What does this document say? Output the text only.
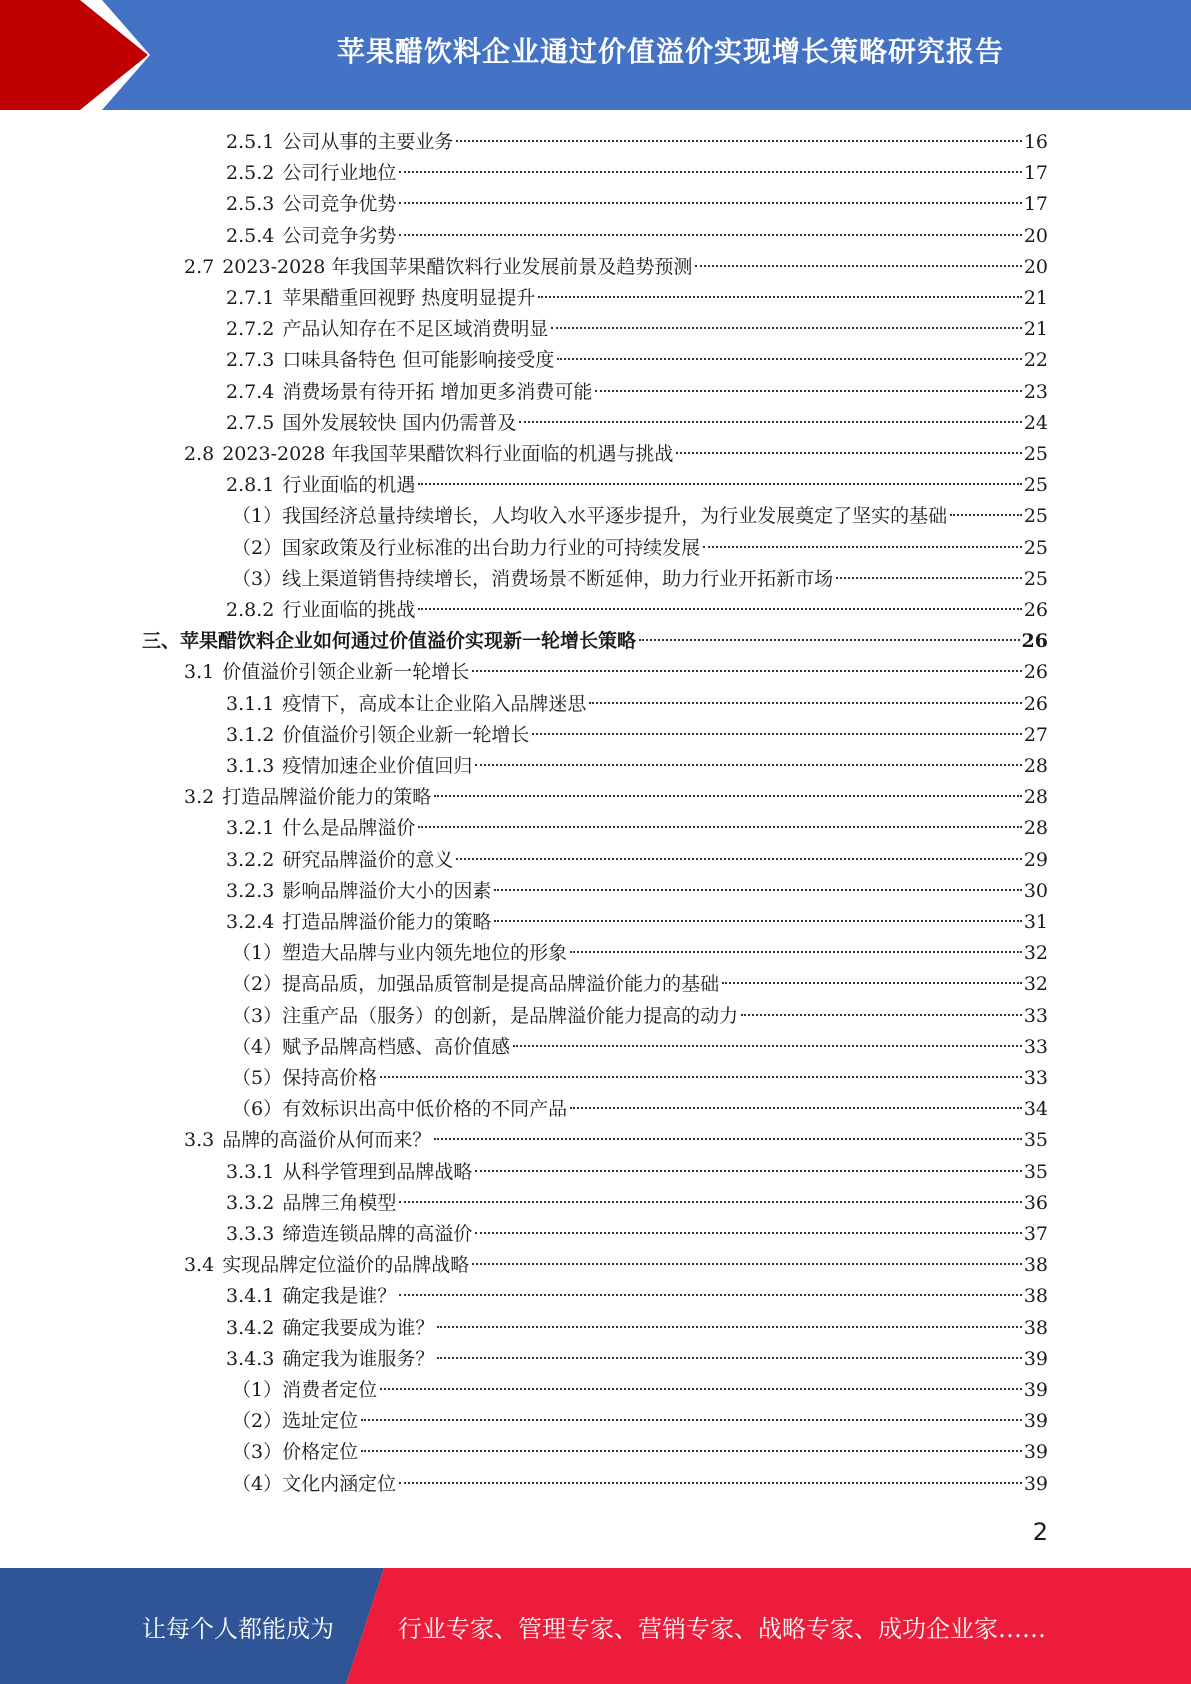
苹果醋饮料企业通过价值溢价实现增长策略研究报告
2.5.1 公司从事的主要业务	16
2.5.2 公司行业地位	17
2.5.3 公司竞争优势	17
2.5.4 公司竞争劣势	20
2.7 2023-2028 年我国苹果醋饮料行业发展前景及趋势预测	20
2.7.1 苹果醋重回视野 热度明显提升	21
2.7.2 产品认知存在不足区域消费明显	21
2.7.3 口味具备特色 但可能影响接受度	22
2.7.4 消费场景有待开拓 增加更多消费可能	23
2.7.5 国外发展较快 国内仍需普及	24
2.8 2023-2028 年我国苹果醋饮料行业面临的机遇与挑战	25
2.8.1 行业面临的机遇	25
（1）我国经济总量持续增长，人均收入水平逐步提升，为行业发展奠定了坚实的基础	25
（2）国家政策及行业标准的出台助力行业的可持续发展	25
（3）线上渠道销售持续增长，消费场景不断延伸，助力行业开拓新市场	25
2.8.2 行业面临的挑战	26
三、苹果醋饮料企业如何通过价值溢价实现新一轮增长策略	26
3.1 价值溢价引领企业新一轮增长	26
3.1.1 疫情下，高成本让企业陷入品牌迷思	26
3.1.2 价值溢价引领企业新一轮增长	27
3.1.3 疫情加速企业价值回归	28
3.2 打造品牌溢价能力的策略	28
3.2.1 什么是品牌溢价	28
3.2.2 研究品牌溢价的意义	29
3.2.3 影响品牌溢价大小的因素	30
3.2.4 打造品牌溢价能力的策略	31
（1）塑造大品牌与业内领先地位的形象	32
（2）提高品质，加强品质管制是提高品牌溢价能力的基础	32
（3）注重产品（服务）的创新，是品牌溢价能力提高的动力	33
（4）赋予品牌高档感、高价值感	33
（5）保持高价格	33
（6）有效标识出高中低价格的不同产品	34
3.3 品牌的高溢价从何而来？	35
3.3.1 从科学管理到品牌战略	35
3.3.2 品牌三角模型	36
3.3.3 缔造连锁品牌的高溢价	37
3.4 实现品牌定位溢价的品牌战略	38
3.4.1 确定我是谁？	38
3.4.2 确定我要成为谁？	38
3.4.3 确定我为谁服务？	39
（1）消费者定位	39
（2）选址定位	39
（3）价格定位	39
（4）文化内涵定位	39
2
让每个人都能成为	行业专家、管理专家、营销专家、战略专家、成功企业家……
